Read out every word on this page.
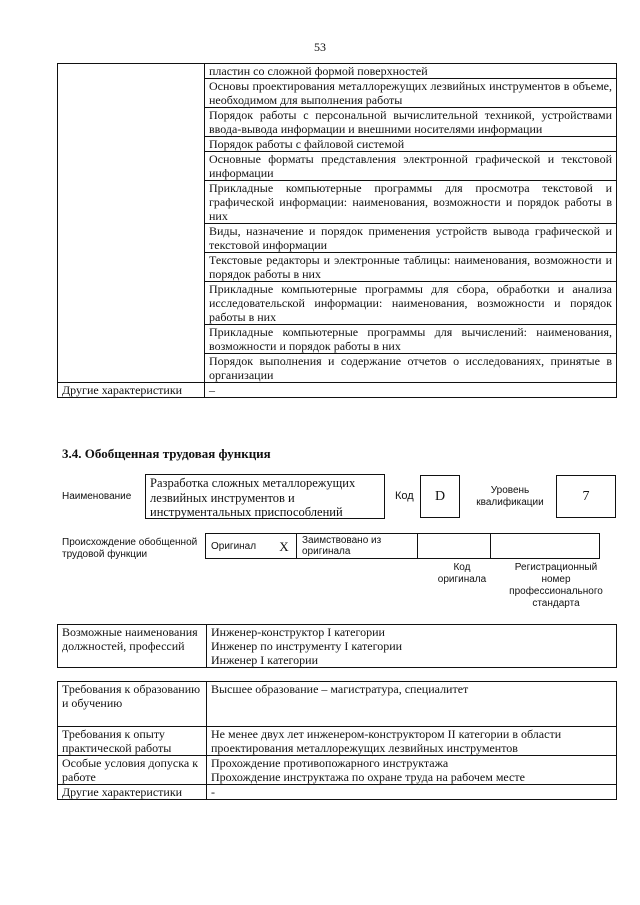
53
	пластин со сложной формой поверхностей
	Основы проектирования металлорежущих лезвийных инструментов в объеме, необходимом для выполнения работы
	Порядок работы с персональной вычислительной техникой, устройствами ввода-вывода информации и внешними носителями информации
	Порядок работы с файловой системой
	Основные форматы представления электронной графической и текстовой информации
	Прикладные компьютерные программы для просмотра текстовой и графической информации: наименования, возможности и порядок работы в них
	Виды, назначение и порядок применения устройств вывода графической и текстовой информации
	Текстовые редакторы и электронные таблицы: наименования, возможности и порядок работы в них
	Прикладные компьютерные программы для сбора, обработки и анализа исследовательской информации: наименования, возможности и порядок работы в них
	Прикладные компьютерные программы для вычислений: наименования, возможности и порядок работы в них
	Порядок выполнения и содержание отчетов о исследованиях, принятые в организации
Другие характеристики	–
3.4. Обобщенная трудовая функция
Наименование
Разработка сложных металлорежущих лезвийных инструментов и инструментальных приспособлений
Код	D	Уровень квалификации	7
Происхождение обобщенной трудовой функции
Оригинал	X	Заимствовано из оригинала		
Код оригинала
Регистрационный номер профессионального стандарта
Возможные наименования должностей, профессий	Инженер-конструктор I категории
Инженер по инструменту I категории
Инженер I категории
Требования к образованию и обучению	Высшее образование – магистратура, специалитет
Требования к опыту практической работы	Не менее двух лет инженером-конструктором II категории в области проектирования металлорежущих лезвийных инструментов
Особые условия допуска к работе	Прохождение противопожарного инструктажа
Прохождение инструктажа по охране труда на рабочем месте

Другие характеристики	-
